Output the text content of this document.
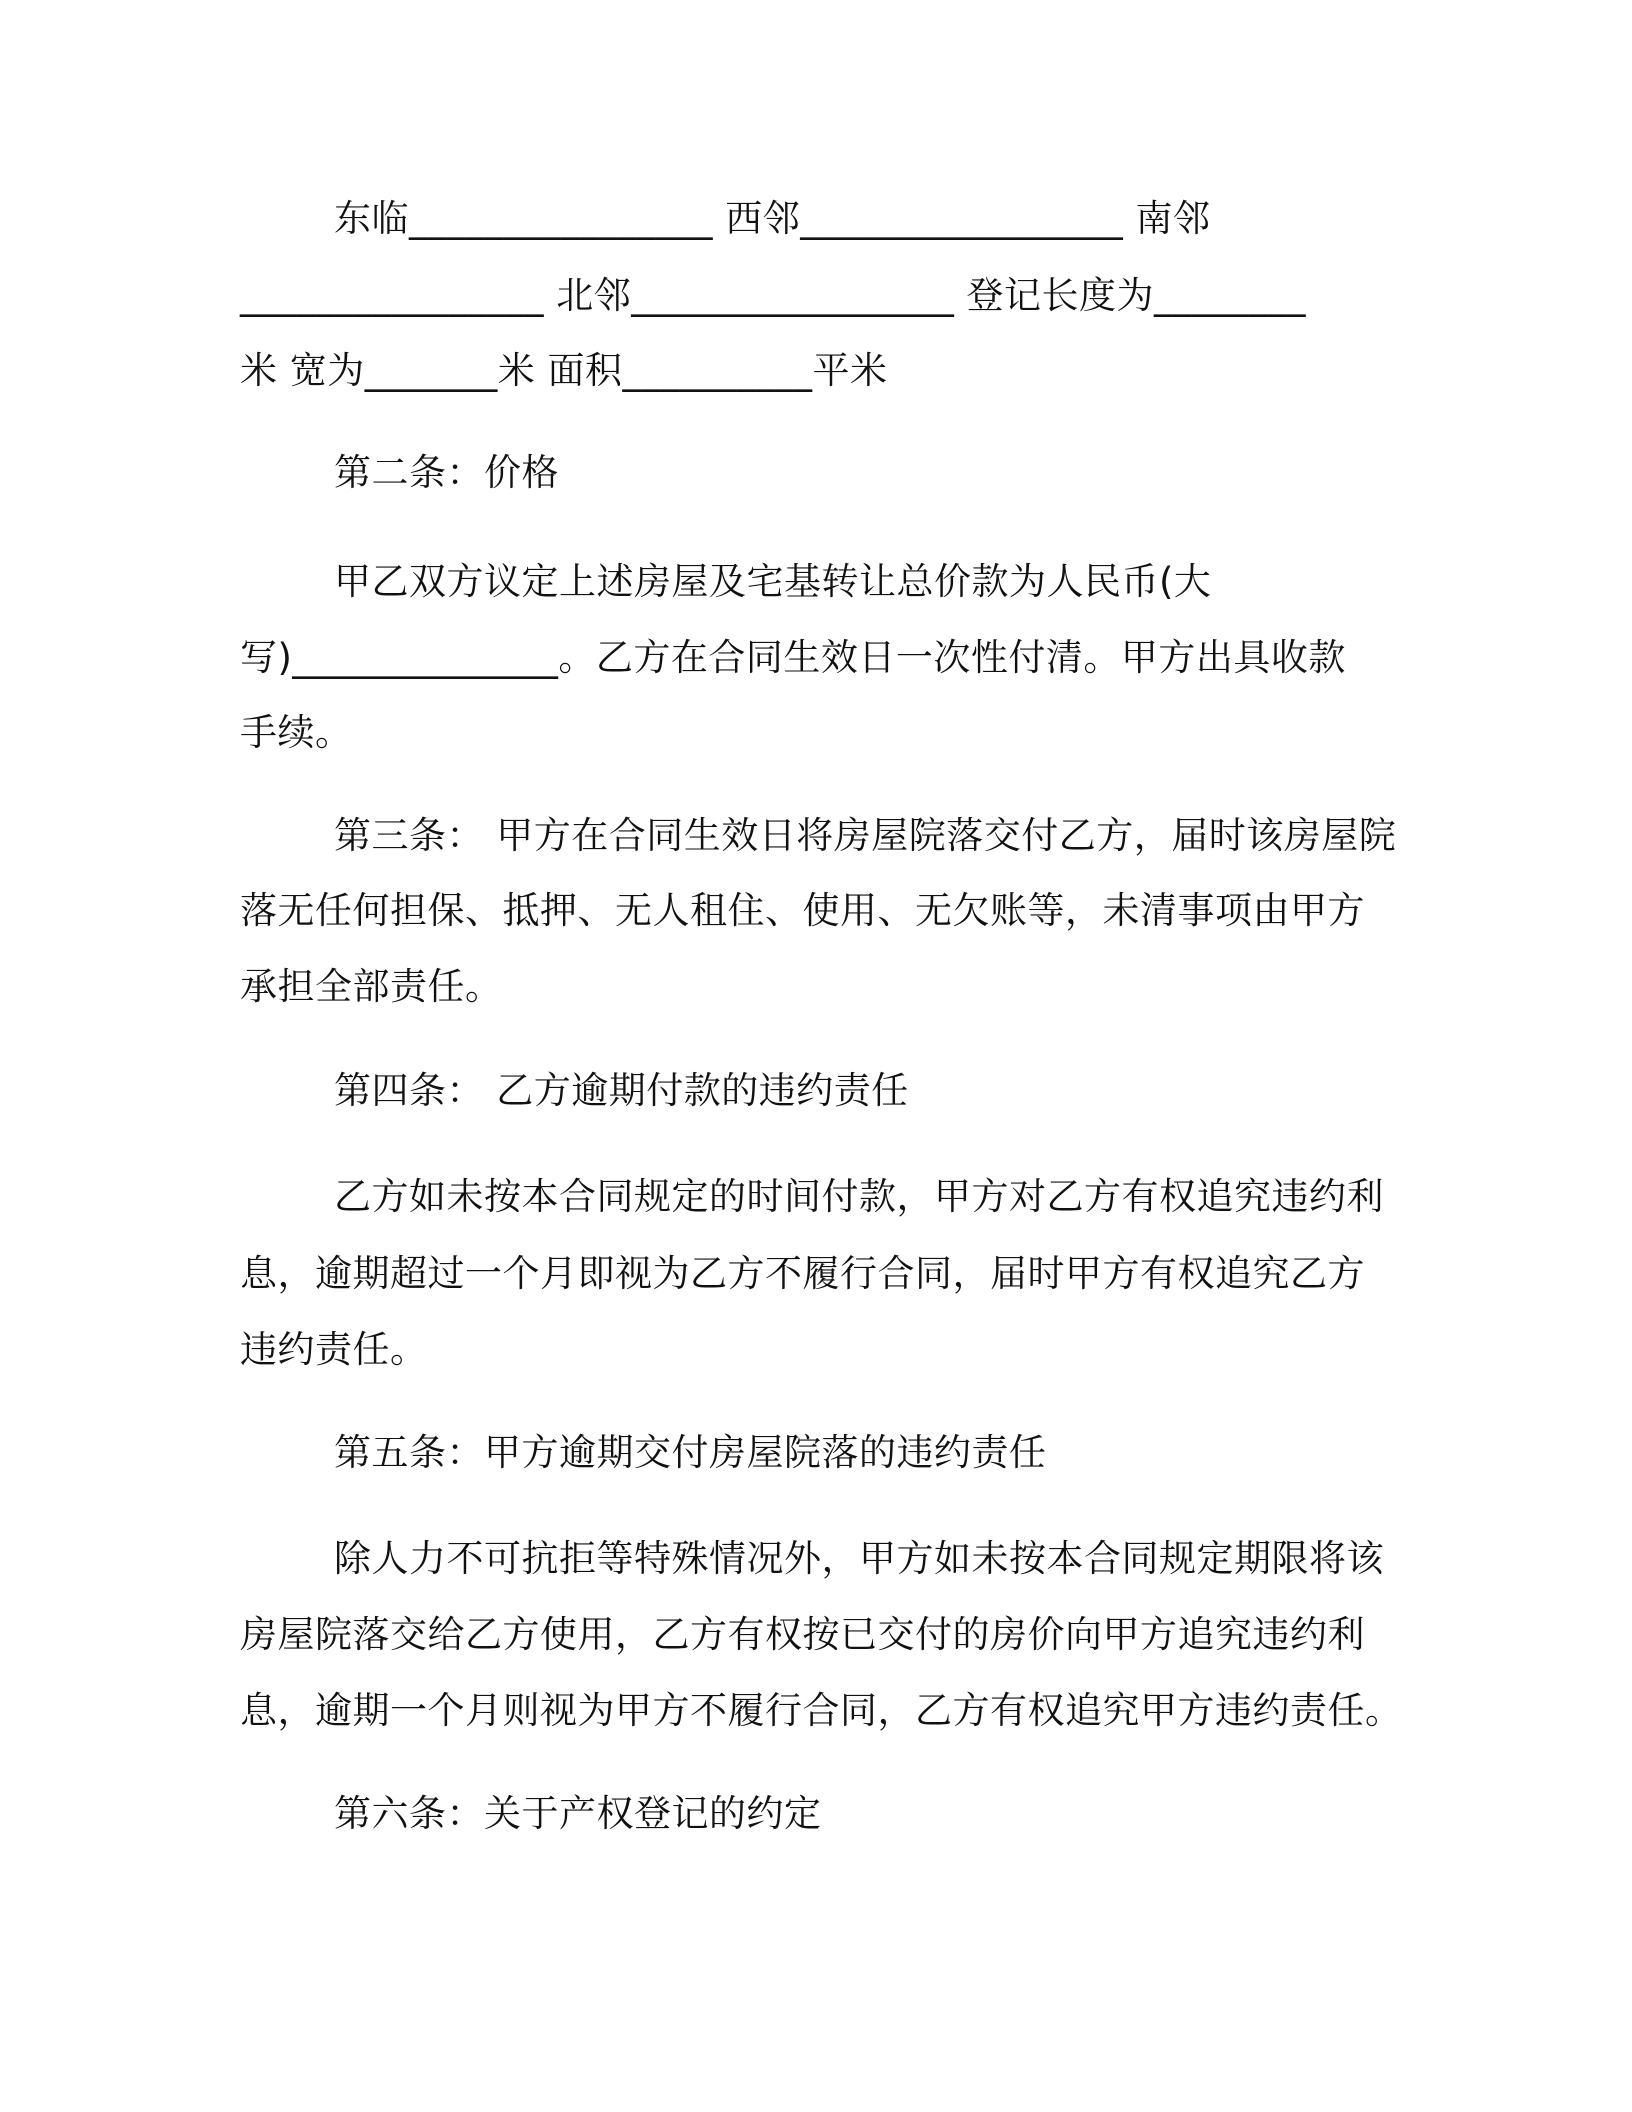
东临________________ 西邻_________________ 南邻
________________ 北邻_________________ 登记长度为________
米 宽为_______米 面积__________平米
第二条：价格
甲乙双方议定上述房屋及宅基转让总价款为人民币(大
写)______________。乙方在合同生效日一次性付清。甲方出具收款
手续。
第三条： 甲方在合同生效日将房屋院落交付乙方，届时该房屋院
落无任何担保、抵押、无人租住、使用、无欠账等，未清事项由甲方
承担全部责任。
第四条： 乙方逾期付款的违约责任
乙方如未按本合同规定的时间付款，甲方对乙方有权追究违约利
息，逾期超过一个月即视为乙方不履行合同，届时甲方有权追究乙方
违约责任。
第五条：甲方逾期交付房屋院落的违约责任
除人力不可抗拒等特殊情况外，甲方如未按本合同规定期限将该
房屋院落交给乙方使用，乙方有权按已交付的房价向甲方追究违约利
息，逾期一个月则视为甲方不履行合同，乙方有权追究甲方违约责任。
第六条：关于产权登记的约定
